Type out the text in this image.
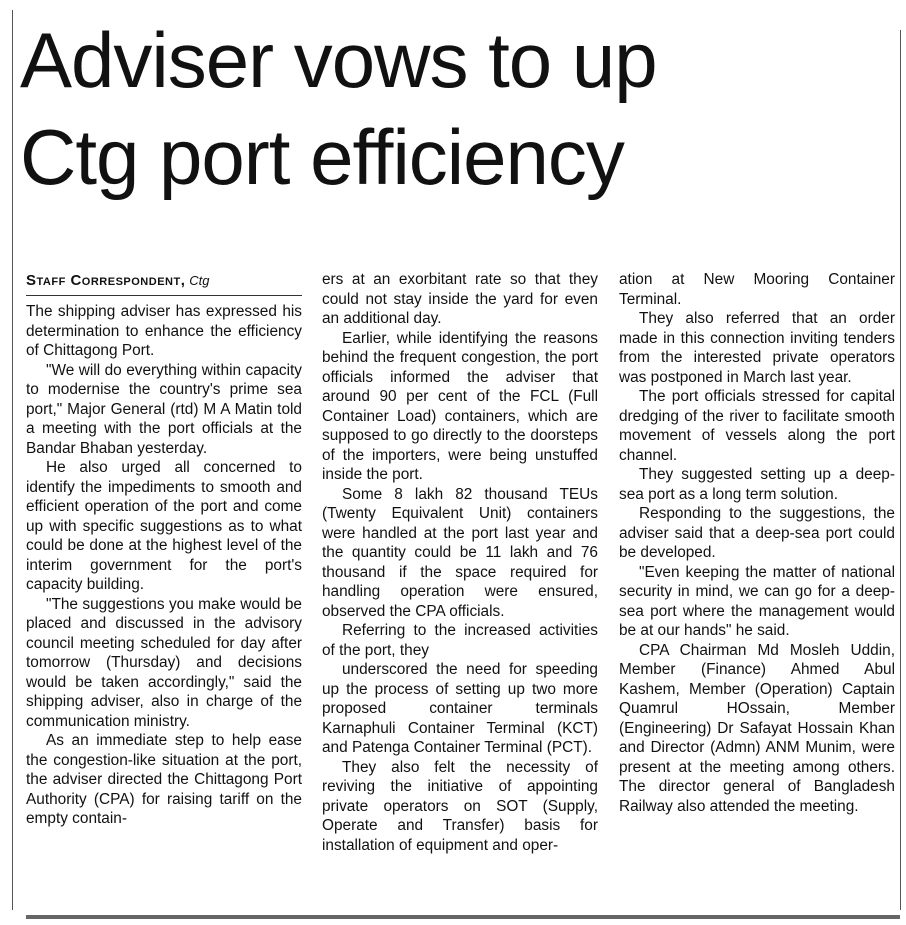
Adviser vows to up
Ctg port efficiency
Staff Correspondent, Ctg

The shipping adviser has expressed his determination to enhance the efficiency of Chittagong Port.

"We will do everything within capacity to modernise the country's prime sea port," Major General (rtd) M A Matin told a meeting with the port officials at the Bandar Bhaban yesterday.

He also urged all concerned to identify the impediments to smooth and efficient operation of the port and come up with specific suggestions as to what could be done at the highest level of the interim government for the port's capacity building.

"The suggestions you make would be placed and discussed in the advisory council meeting scheduled for day after tomorrow (Thursday) and decisions would be taken accordingly," said the shipping adviser, also in charge of the communication ministry.

As an immediate step to help ease the congestion-like situation at the port, the adviser directed the Chittagong Port Authority (CPA) for raising tariff on the empty contain-

ers at an exorbitant rate so that they could not stay inside the yard for even an additional day.

Earlier, while identifying the reasons behind the frequent congestion, the port officials informed the adviser that around 90 per cent of the FCL (Full Container Load) containers, which are supposed to go directly to the doorsteps of the importers, were being unstuffed inside the port.

Some 8 lakh 82 thousand TEUs (Twenty Equivalent Unit) containers were handled at the port last year and the quantity could be 11 lakh and 76 thousand if the space required for handling operation were ensured, observed the CPA officials.

Referring to the increased activities of the port, they

underscored the need for speeding up the process of setting up two more proposed container terminals Karnaphuli Container Terminal (KCT) and Patenga Container Terminal (PCT).

They also felt the necessity of reviving the initiative of appointing private operators on SOT (Supply, Operate and Transfer) basis for installation of equipment and oper-

ation at New Mooring Container Terminal.

They also referred that an order made in this connection inviting tenders from the interested private operators was postponed in March last year.

The port officials stressed for capital dredging of the river to facilitate smooth movement of vessels along the port channel.

They suggested setting up a deep-sea port as a long term solution.

Responding to the suggestions, the adviser said that a deep-sea port could be developed.

"Even keeping the matter of national security in mind, we can go for a deep-sea port where the management would be at our hands" he said.

CPA Chairman Md Mosleh Uddin, Member (Finance) Ahmed Abul Kashem, Member (Operation) Captain Quamrul HOssain, Member (Engineering) Dr Safayat Hossain Khan and Director (Admn) ANM Munim, were present at the meeting among others. The director general of Bangladesh Railway also attended the meeting.
